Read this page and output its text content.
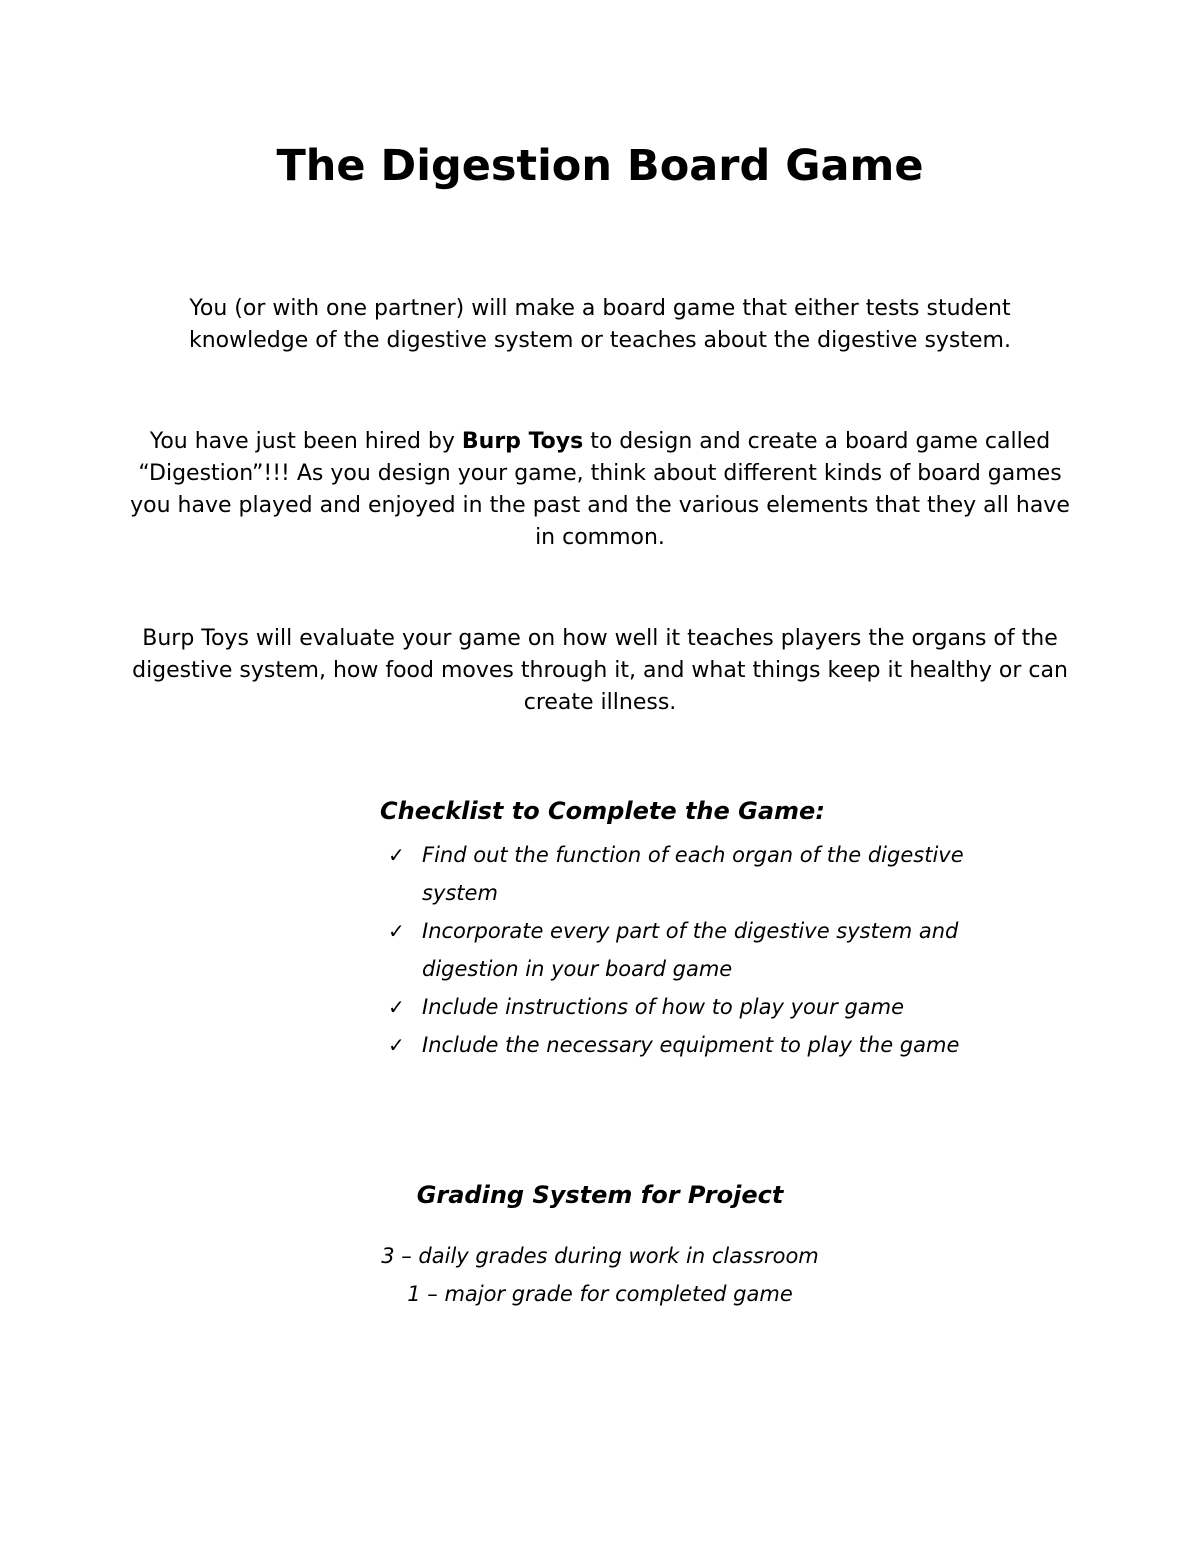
The Digestion Board Game

You (or with one partner) will make a board game that either tests student knowledge of the digestive system or teaches about the digestive system.

You have just been hired by Burp Toys to design and create a board game called “Digestion”!!! As you design your game, think about different kinds of board games you have played and enjoyed in the past and the various elements that they all have in common.

Burp Toys will evaluate your game on how well it teaches players the organs of the digestive system, how food moves through it, and what things keep it healthy or can create illness.

Checklist to Complete the Game:
✓ Find out the function of each organ of the digestive system
✓ Incorporate every part of the digestive system and digestion in your board game
✓ Include instructions of how to play your game
✓ Include the necessary equipment to play the game
Grading System for Project
3 – daily grades during work in classroom
1 – major grade for completed game
